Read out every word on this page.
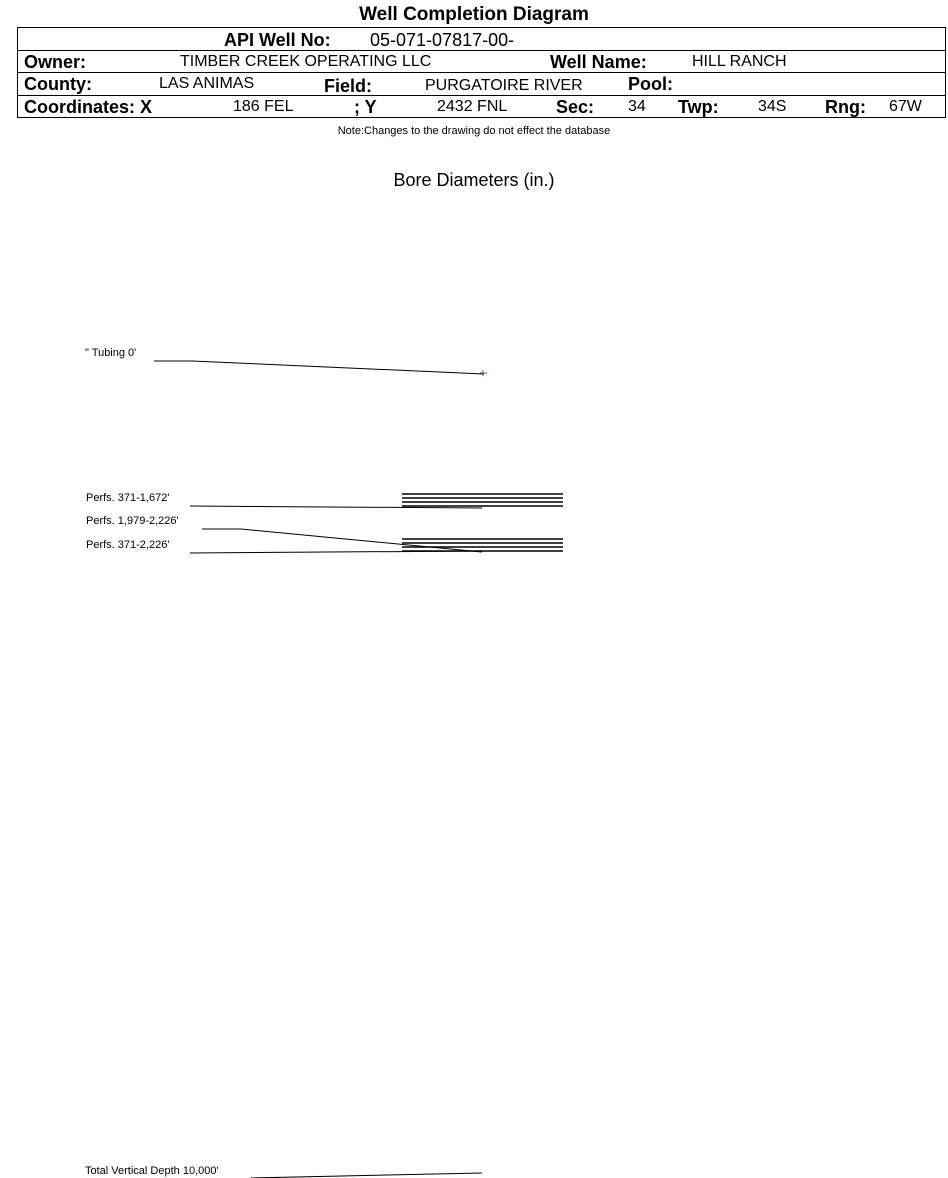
Well Completion Diagram
API Well No: 05-071-07817-00-
Owner:	TIMBER CREEK OPERATING LLC	Well Name:	HILL RANCH
County:	LAS ANIMAS	Field:	PURGATOIRE RIVER	Pool:
Coordinates: X	186 FEL	; Y	2432 FNL	Sec: 34 Twp: 34S Rng: 67W
Note:Changes to the drawing do not effect the database
Bore Diameters (in.)
" Tubing 0'
Perfs. 371-1,672'
Perfs. 1,979-2,226'
Perfs. 371-2,226'
Total Vertical Depth 10,000'
